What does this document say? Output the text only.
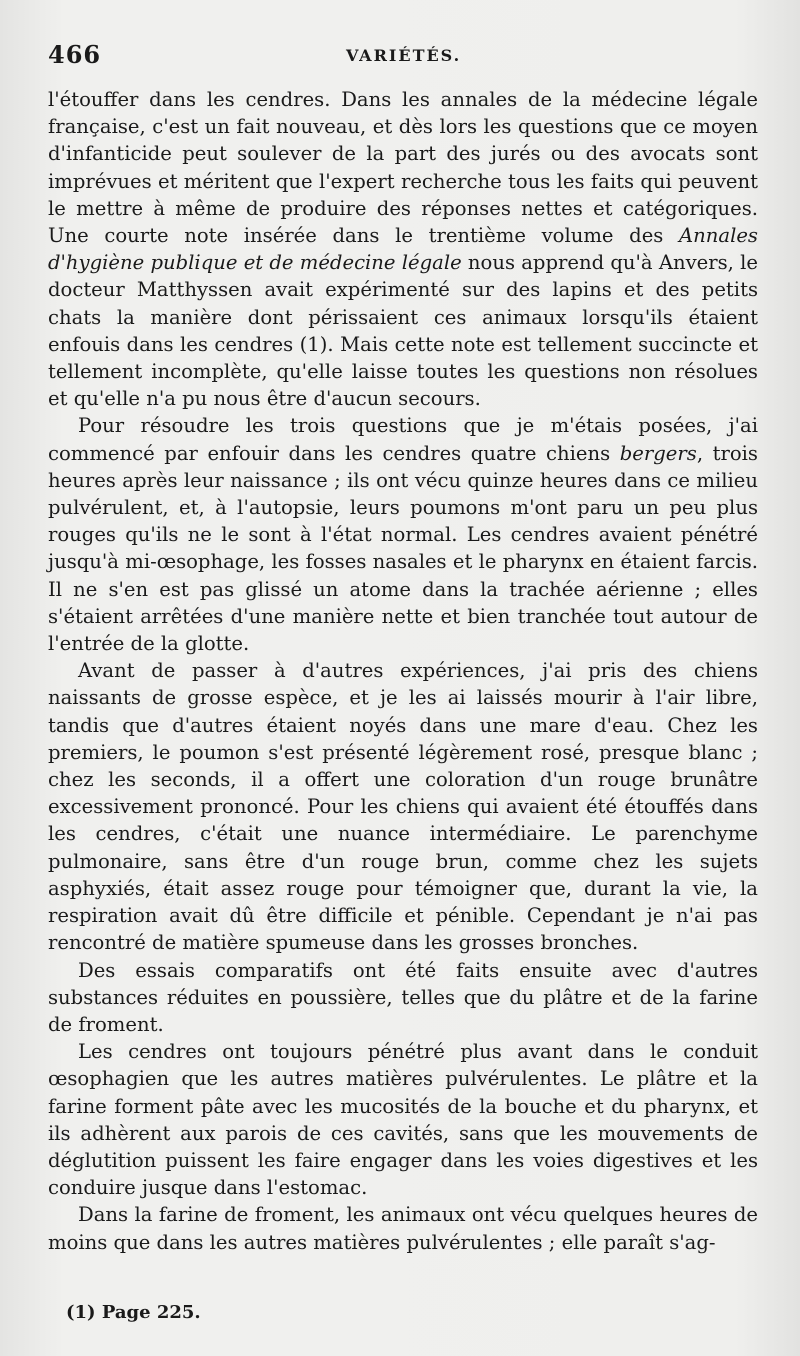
466	VARIÉTÉS.

l'étouffer dans les cendres. Dans les annales de la médecine légale française, c'est un fait nouveau, et dès lors les questions que ce moyen d'infanticide peut soulever de la part des jurés ou des avocats sont imprévues et méritent que l'expert recherche tous les faits qui peuvent le mettre à même de produire des réponses nettes et catégoriques. Une courte note insérée dans le trentième volume des Annales d'hygiène publique et de médecine légale nous apprend qu'à Anvers, le docteur Matthyssen avait expérimenté sur des lapins et des petits chats la manière dont périssaient ces animaux lorsqu'ils étaient enfouis dans les cendres (1). Mais cette note est tellement succincte et tellement incomplète, qu'elle laisse toutes les questions non résolues et qu'elle n'a pu nous être d'aucun secours.

Pour résoudre les trois questions que je m'étais posées, j'ai commencé par enfouir dans les cendres quatre chiens bergers, trois heures après leur naissance ; ils ont vécu quinze heures dans ce milieu pulvérulent, et, à l'autopsie, leurs poumons m'ont paru un peu plus rouges qu'ils ne le sont à l'état normal. Les cendres avaient pénétré jusqu'à mi-œsophage, les fosses nasales et le pharynx en étaient farcis. Il ne s'en est pas glissé un atome dans la trachée aérienne ; elles s'étaient arrêtées d'une manière nette et bien tranchée tout autour de l'entrée de la glotte.

Avant de passer à d'autres expériences, j'ai pris des chiens naissants de grosse espèce, et je les ai laissés mourir à l'air libre, tandis que d'autres étaient noyés dans une mare d'eau. Chez les premiers, le poumon s'est présenté légèrement rosé, presque blanc ; chez les seconds, il a offert une coloration d'un rouge brunâtre excessivement prononcé. Pour les chiens qui avaient été étouffés dans les cendres, c'était une nuance intermédiaire. Le parenchyme pulmonaire, sans être d'un rouge brun, comme chez les sujets asphyxiés, était assez rouge pour témoigner que, durant la vie, la respiration avait dû être difficile et pénible. Cependant je n'ai pas rencontré de matière spumeuse dans les grosses bronches.

Des essais comparatifs ont été faits ensuite avec d'autres substances réduites en poussière, telles que du plâtre et de la farine de froment.

Les cendres ont toujours pénétré plus avant dans le conduit œsophagien que les autres matières pulvérulentes. Le plâtre et la farine forment pâte avec les mucosités de la bouche et du pharynx, et ils adhèrent aux parois de ces cavités, sans que les mouvements de déglutition puissent les faire engager dans les voies digestives et les conduire jusque dans l'estomac.

Dans la farine de froment, les animaux ont vécu quelques heures de moins que dans les autres matières pulvérulentes ; elle paraît s'ag-

(1) Page 225.
